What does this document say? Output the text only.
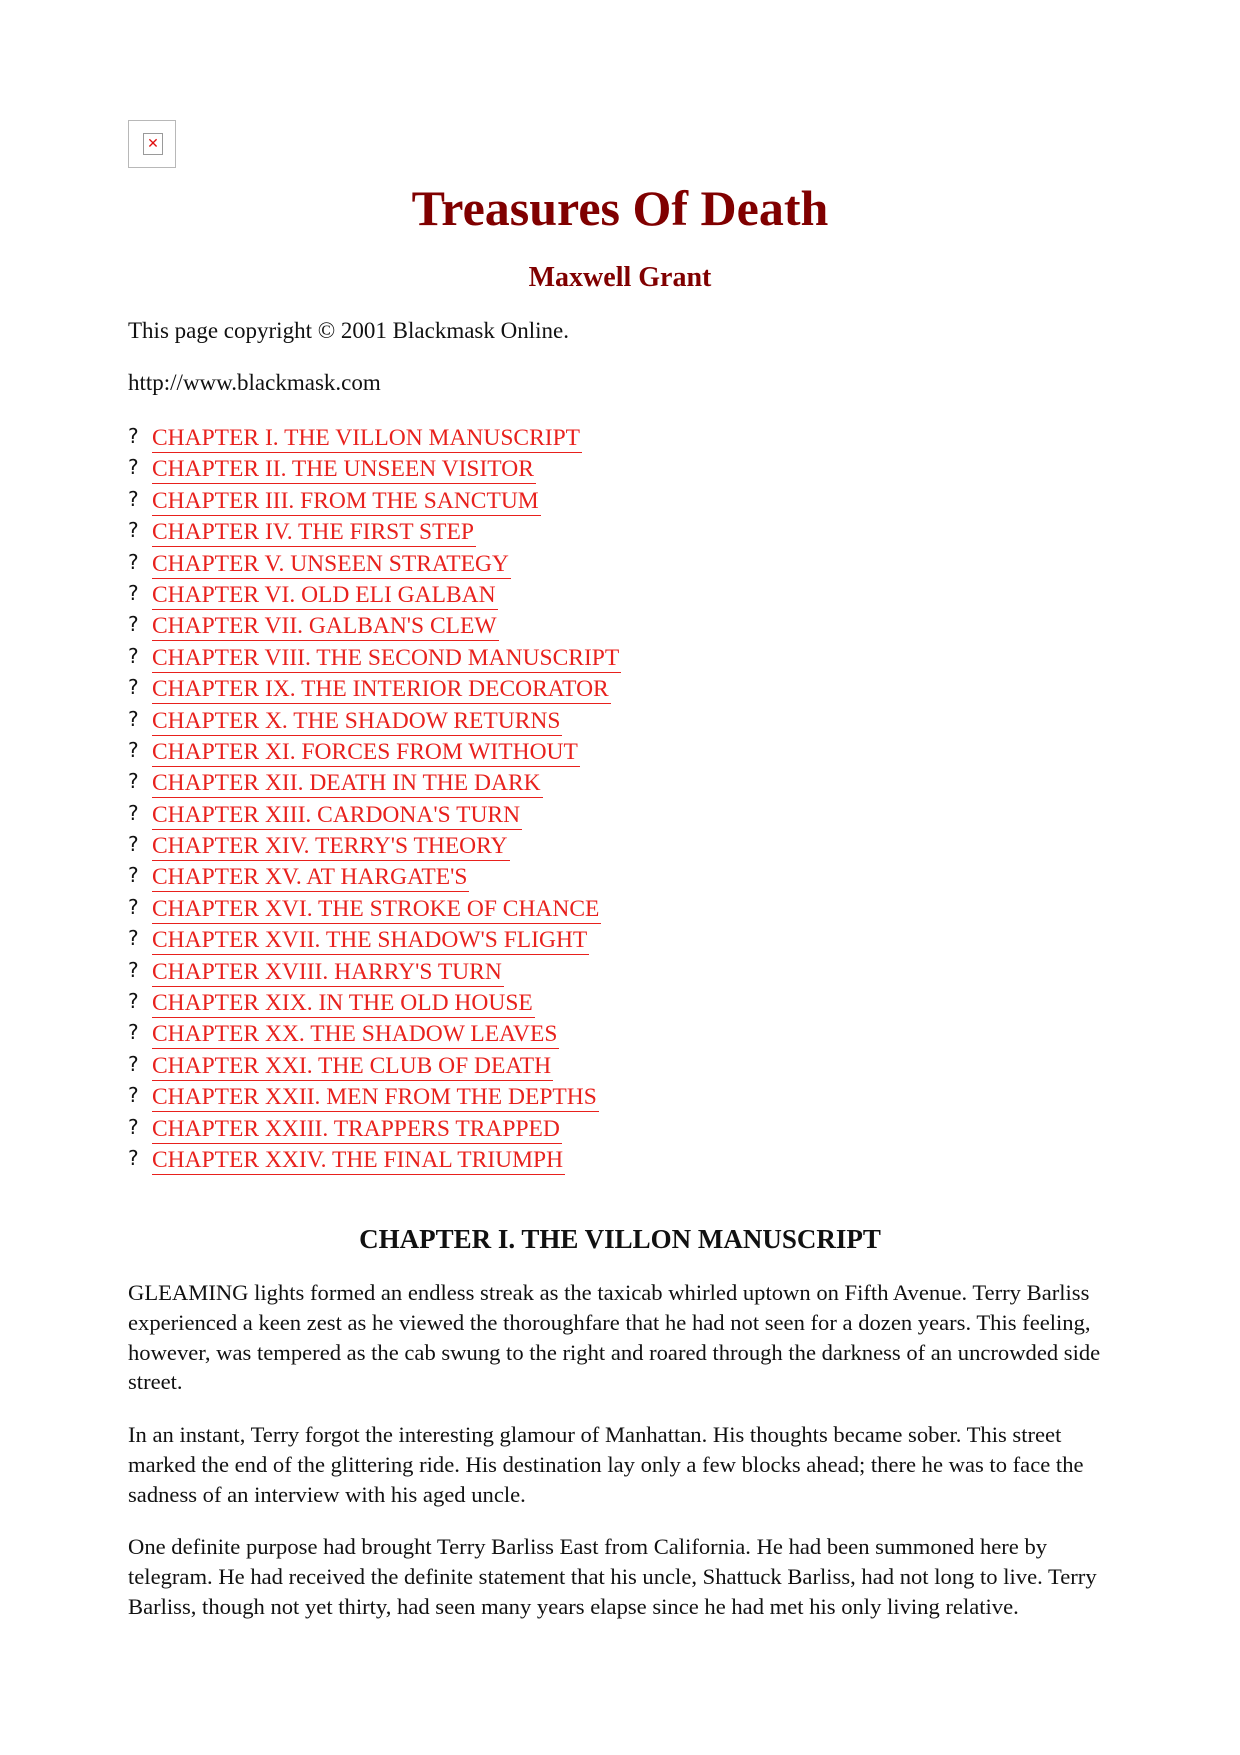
✕
Treasures Of Death
Maxwell Grant
This page copyright © 2001 Blackmask Online.
http://www.blackmask.com
? CHAPTER I. THE VILLON MANUSCRIPT
? CHAPTER II. THE UNSEEN VISITOR
? CHAPTER III. FROM THE SANCTUM
? CHAPTER IV. THE FIRST STEP
? CHAPTER V. UNSEEN STRATEGY
? CHAPTER VI. OLD ELI GALBAN
? CHAPTER VII. GALBAN'S CLEW
? CHAPTER VIII. THE SECOND MANUSCRIPT
? CHAPTER IX. THE INTERIOR DECORATOR
? CHAPTER X. THE SHADOW RETURNS
? CHAPTER XI. FORCES FROM WITHOUT
? CHAPTER XII. DEATH IN THE DARK
? CHAPTER XIII. CARDONA'S TURN
? CHAPTER XIV. TERRY'S THEORY
? CHAPTER XV. AT HARGATE'S
? CHAPTER XVI. THE STROKE OF CHANCE
? CHAPTER XVII. THE SHADOW'S FLIGHT
? CHAPTER XVIII. HARRY'S TURN
? CHAPTER XIX. IN THE OLD HOUSE
? CHAPTER XX. THE SHADOW LEAVES
? CHAPTER XXI. THE CLUB OF DEATH
? CHAPTER XXII. MEN FROM THE DEPTHS
? CHAPTER XXIII. TRAPPERS TRAPPED
? CHAPTER XXIV. THE FINAL TRIUMPH
CHAPTER I. THE VILLON MANUSCRIPT

GLEAMING lights formed an endless streak as the taxicab whirled uptown on Fifth Avenue. Terry Barliss experienced a keen zest as he viewed the thoroughfare that he had not seen for a dozen years. This feeling, however, was tempered as the cab swung to the right and roared through the darkness of an uncrowded side street.

In an instant, Terry forgot the interesting glamour of Manhattan. His thoughts became sober. This street marked the end of the glittering ride. His destination lay only a few blocks ahead; there he was to face the sadness of an interview with his aged uncle.

One definite purpose had brought Terry Barliss East from California. He had been summoned here by telegram. He had received the definite statement that his uncle, Shattuck Barliss, had not long to live. Terry Barliss, though not yet thirty, had seen many years elapse since he had met his only living relative.
